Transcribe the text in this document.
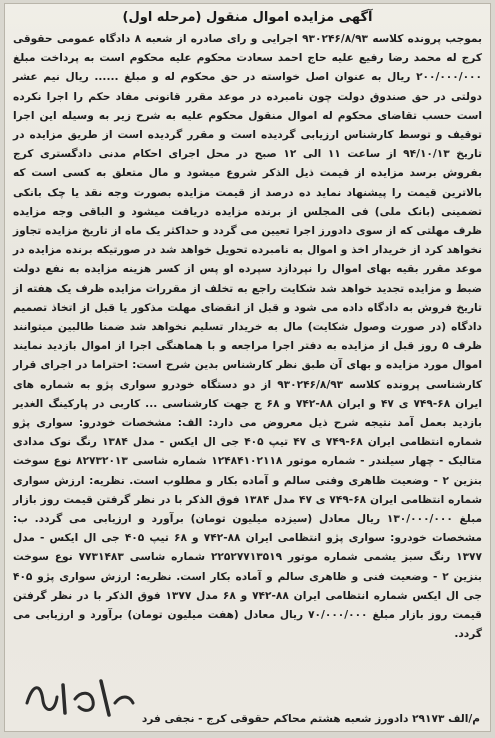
آگهی مزایده اموال منقول (مرحله اول)

بموجب پرونده کلاسه ۹۳۰۲۴۶/۸/۹۳ اجرایی و رای صادره از شعبه ۸ دادگاه عمومی حقوقی کرج له محمد رضا رفیع علیه حاج احمد سعادت محکوم علیه محکوم است به پرداخت مبلغ ۲۰۰/۰۰۰/۰۰۰ ریال به عنوان اصل خواسته در حق محکوم له و مبلغ ...... ریال نیم عشر دولتی در حق صندوق دولت چون نامبرده در موعد مقرر قانونی مفاد حکم را اجرا نکرده است حسب تقاضای محکوم له اموال منقول محکوم علیه به شرح زیر به وسیله این اجرا توقیف و توسط کارشناس ارزیابی گردیده است و مقرر گردیده است از طریق مزایده در تاریخ ۹۴/۱۰/۱۳ از ساعت ۱۱ الی ۱۲ صبح در محل اجرای احکام مدنی دادگستری کرج بفروش برسد مزایده از قیمت ذیل الذکر شروع میشود و مال متعلق به کسی است که بالاترین قیمت را پیشنهاد نماید ده درصد از قیمت مزایده بصورت وجه نقد یا چک بانکی تضمینی (بانک ملی) فی المجلس از برنده مزایده دریافت میشود و الباقی وجه مزایده ظرف مهلتی که از سوی دادورز اجرا تعیین می گردد و حداکثر یک ماه از تاریخ مزایده تجاوز نخواهد کرد از خریدار اخذ و اموال به نامبرده تحویل خواهد شد در صورتیکه برنده مزایده در موعد مقرر بقیه بهای اموال را نپردازد سپرده او پس از کسر هزینه مزایده به نفع دولت ضبط و مزایده تجدید خواهد شد شکایت راجع به تخلف از مقررات مزایده ظرف یک هفته از تاریخ فروش به دادگاه داده می شود و قبل از انقضای مهلت مذکور یا قبل از اتخاذ تصمیم دادگاه (در صورت وصول شکایت) مال به خریدار تسلیم نخواهد شد ضمنا طالبین میتوانند ظرف ۵ روز قبل از مزایده به دفتر اجرا مراجعه و با هماهنگی اجرا از اموال بازدید نمایند اموال مورد مزایده و بهای آن طبق نظر کارشناس بدین شرح است: احتراما در اجرای قرار کارشناسی پرونده کلاسه ۹۳۰۲۴۶/۸/۹۳ از دو دستگاه خودرو سواری پژو به شماره های ایران ۶۸-۷۴۹ ی ۴۷ و ایران ۸۸-۷۴۲ و ۶۸ ج جهت کارشناسی ... کاربی در پارکینگ الغدیر بازدید بعمل آمد نتیجه شرح ذیل معروض می دارد: الف: مشخصات خودرو: سواری پژو شماره انتظامی ایران ۶۸-۷۴۹ ی ۴۷ تیپ ۴۰۵ جی ال ایکس - مدل ۱۳۸۴ رنگ نوک مدادی متالیک - چهار سیلندر - شماره موتور ۱۲۴۸۴۱۰۲۱۱۸ شماره شاسی ۸۲۷۳۲۰۱۳ نوع سوخت بنزین ۲ - وضعیت ظاهری وفنی سالم و آماده بکار و مطلوب است. نظریه: ارزش سواری شماره انتظامی ایران ۶۸-۷۴۹ ی ۴۷ مدل ۱۳۸۴ فوق الذکر با در نظر گرفتن قیمت روز بازار مبلغ ۱۳۰/۰۰۰/۰۰۰ ریال معادل (سیزده میلیون تومان) برآورد و ارزیابی می گردد. ب: مشخصات خودرو: سواری پژو انتظامی ایران ۸۸-۷۴۲ و ۶۸ تیپ ۴۰۵ جی ال ایکس - مدل ۱۳۷۷ رنگ سبز یشمی شماره موتور ۲۲۵۲۷۷۱۳۵۱۹ شماره شاسی ۷۷۳۱۴۸۳ نوع سوخت بنزین ۲ - وضعیت فنی و ظاهری سالم و آماده بکار است. نظریه: ارزش سواری پژو ۴۰۵ جی ال ایکس شماره انتظامی ایران ۸۸-۷۴۲ و ۶۸ مدل ۱۳۷۷ فوق الذکر با در نظر گرفتن قیمت روز بازار مبلغ ۷۰/۰۰۰/۰۰۰ ریال معادل (هفت میلیون تومان) برآورد و ارزیابی می گردد.

م/الف ۲۹۱۷۳ دادورز شعبه هشتم محاکم حقوقی کرج - نجفی فرد
